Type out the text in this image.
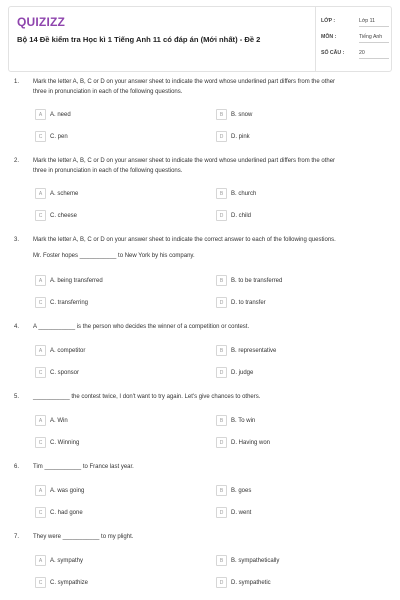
QUIZIZZ
Bộ 14 Đề kiểm tra Học kì 1 Tiếng Anh 11 có đáp án (Mới nhất) - Đề 2
LỚP :	Lớp 11
MÔN :	Tiếng Anh
SỐ CÂU :	20
1. Mark the letter A, B, C or D on your answer sheet to indicate the word whose underlined part differs from the other
three in pronunciation in each of the following questions.
A	A. need	B	B. snow
C	C. pen	D	D. pink
2. Mark the letter A, B, C or D on your answer sheet to indicate the word whose underlined part differs from the other
three in pronunciation in each of the following questions.
A	A. scheme	B	B. church
C	C. cheese	D	D. child
3. Mark the letter A, B, C or D on your answer sheet to indicate the correct answer to each of the following questions.
Mr. Foster hopes ___________ to New York by his company.
A	A. being transferred	B	B. to be transferred
C	C. transferring	D	D. to transfer
4. A ___________ is the person who decides the winner of a competition or contest.
A	A. competitor	B	B. representative
C	C. sponsor	D	D. judge
5. ___________ the contest twice, I don't want to try again. Let's give chances to others.
A	A. Win	B	B. To win
C	C. Winning	D	D. Having won
6. Tim ___________ to France last year.
A	A. was going	B	B. goes
C	C. had gone	D	D. went
7. They were ___________ to my plight.
A	A. sympathy	B	B. sympathetically
C	C. sympathize	D	D. sympathetic
